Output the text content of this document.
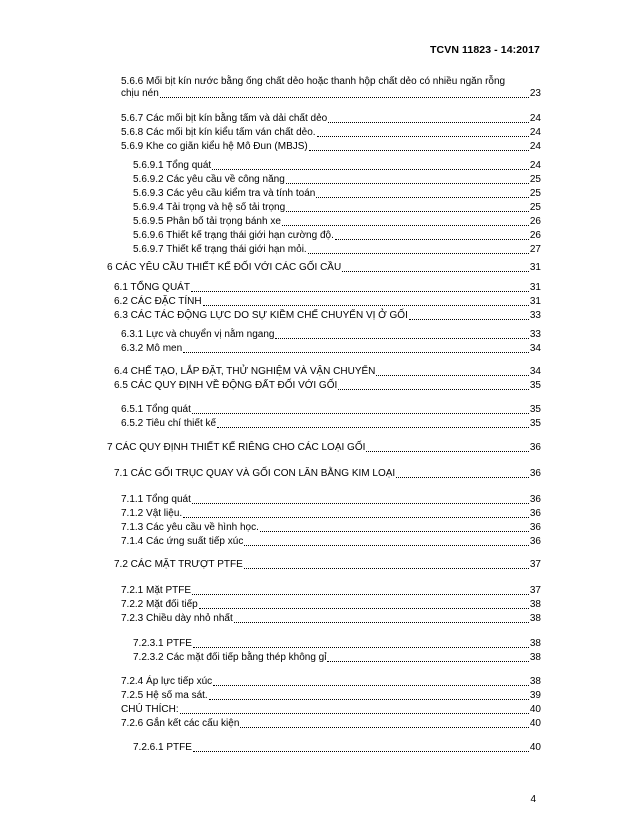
TCVN 11823 - 14:2017
5.6.6 Mối bịt kín nước bằng ống chất dẻo hoặc thanh hộp chất dẻo có nhiều ngăn rỗng
chịu nén	23
5.6.7 Các mối bịt kín bằng tấm và dải chất dẻo	24
5.6.8 Các mối bịt kín kiểu tấm ván chất dẻo.	24
5.6.9 Khe co giãn kiểu hệ Mô Đun (MBJS)	24
5.6.9.1 Tổng quát	24
5.6.9.2 Các yêu cầu về công năng	25
5.6.9.3 Các yêu cầu kiểm tra và tính toán	25
5.6.9.4 Tải trọng và hệ số tải trọng	25
5.6.9.5 Phân bố tải trọng bánh xe	26
5.6.9.6 Thiết kế trạng thái giới hạn cường độ.	26
5.6.9.7 Thiết kế trạng thái giới hạn mỏi.	27
6 CÁC YÊU CẦU THIẾT KẾ ĐỐI VỚI CÁC GỐI CẦU	31
6.1 TỔNG QUÁT	31
6.2 CÁC ĐẶC TÍNH	31
6.3 CÁC TÁC ĐỘNG LỰC DO SỰ KIỀM CHẾ CHUYỂN VỊ Ở GỐI	33
6.3.1 Lực và chuyển vị nằm ngang	33
6.3.2 Mô men	34
6.4 CHẾ TẠO, LẮP ĐẶT, THỬ NGHIỆM VÀ VẬN CHUYỂN	34
6.5 CÁC QUY ĐỊNH VỀ ĐỘNG ĐẤT ĐỐI VỚI GỐI	35
6.5.1 Tổng quát	35
6.5.2 Tiêu chí thiết kế	35
7 CÁC QUY ĐỊNH THIẾT KẾ RIÊNG CHO CÁC LOẠI GỐI	36
7.1 CÁC GỐI TRỤC QUAY VÀ GỐI CON LĂN BẰNG KIM LOẠI	36
7.1.1 Tổng quát	36
7.1.2 Vật liệu.	36
7.1.3 Các yêu cầu về hình học.	36
7.1.4 Các ứng suất tiếp xúc	36
7.2 CÁC MẶT TRƯỢT PTFE	37
7.2.1 Mặt PTFE	37
7.2.2 Mặt đối tiếp	38
7.2.3 Chiều dày nhỏ nhất	38
7.2.3.1 PTFE	38
7.2.3.2 Các mặt đối tiếp bằng thép không gỉ	38
7.2.4 Áp lực tiếp xúc	38
7.2.5 Hệ số ma sát.	39
CHÚ THÍCH:	40
7.2.6 Gắn kết các cấu kiện	40
7.2.6.1 PTFE	40
4
